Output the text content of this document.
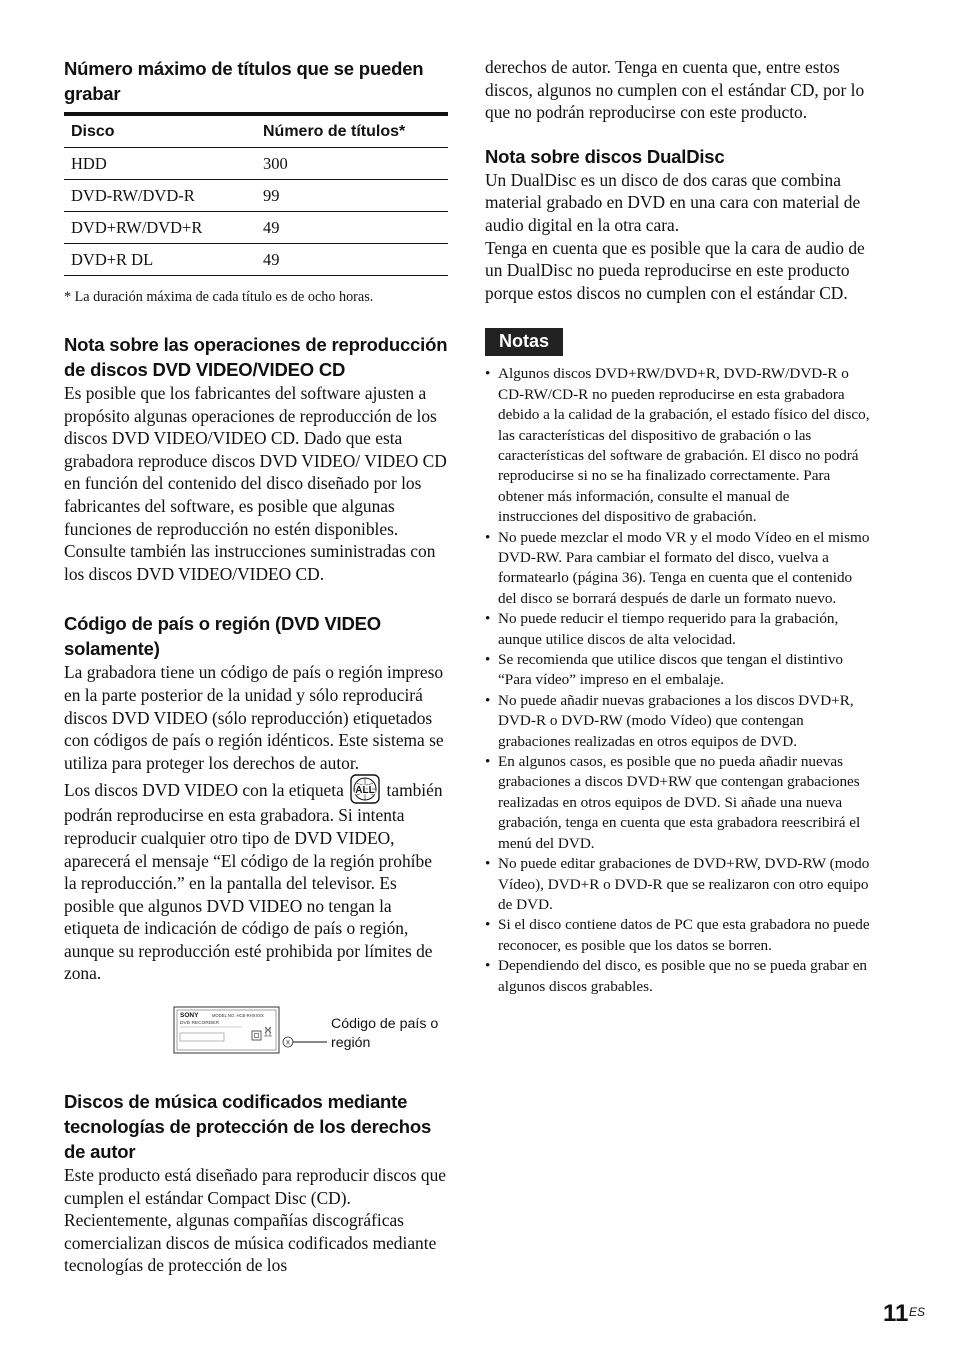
Número máximo de títulos que se pueden grabar
Disco	Número de títulos*
HDD	300
DVD-RW/DVD-R	99
DVD+RW/DVD+R	49
DVD+R DL	49

* La duración máxima de cada título es de ocho horas.

Nota sobre las operaciones de reproducción de discos DVD VIDEO/VIDEO CD

Es posible que los fabricantes del software ajusten a propósito algunas operaciones de reproducción de los discos DVD VIDEO/VIDEO CD. Dado que esta grabadora reproduce discos DVD VIDEO/ VIDEO CD en función del contenido del disco diseñado por los fabricantes del software, es posible que algunas funciones de reproducción no estén disponibles. Consulte también las instrucciones suministradas con los discos DVD VIDEO/VIDEO CD.

Código de país o región (DVD VIDEO solamente)

La grabadora tiene un código de país o región impreso en la parte posterior de la unidad y sólo reproducirá discos DVD VIDEO (sólo reproducción) etiquetados con códigos de país o región idénticos. Este sistema se utiliza para proteger los derechos de autor.

Los discos DVD VIDEO con la etiqueta ALL también podrán reproducirse en esta grabadora. Si intenta reproducir cualquier otro tipo de DVD VIDEO, aparecerá el mensaje “El código de la región prohíbe la reproducción.” en la pantalla del televisor. Es posible que algunos DVD VIDEO no tengan la etiqueta de indicación de código de país o región, aunque su reproducción esté prohibida por límites de zona.

SONY	MODEL NO. HCB-RHXXXX
DVD RECORDER
X
Código de país o
región
Discos de música codificados mediante tecnologías de protección de los derechos de autor

Este producto está diseñado para reproducir discos que cumplen el estándar Compact Disc (CD). Recientemente, algunas compañías discográficas comercializan discos de música codificados mediante tecnologías de protección de los

derechos de autor. Tenga en cuenta que, entre estos discos, algunos no cumplen con el estándar CD, por lo que no podrán reproducirse con este producto.

Nota sobre discos DualDisc

Un DualDisc es un disco de dos caras que combina material grabado en DVD en una cara con material de audio digital en la otra cara.

Tenga en cuenta que es posible que la cara de audio de un DualDisc no pueda reproducirse en este producto porque estos discos no cumplen con el estándar CD.

Notas
• Algunos discos DVD+RW/DVD+R, DVD-RW/DVD-R o CD-RW/CD-R no pueden reproducirse en esta grabadora debido a la calidad de la grabación, el estado físico del disco, las características del dispositivo de grabación o las características del software de grabación. El disco no podrá reproducirse si no se ha finalizado correctamente. Para obtener más información, consulte el manual de instrucciones del dispositivo de grabación.
• No puede mezclar el modo VR y el modo Vídeo en el mismo DVD-RW. Para cambiar el formato del disco, vuelva a formatearlo (página 36). Tenga en cuenta que el contenido del disco se borrará después de darle un formato nuevo.
• No puede reducir el tiempo requerido para la grabación, aunque utilice discos de alta velocidad.
• Se recomienda que utilice discos que tengan el distintivo “Para vídeo” impreso en el embalaje.
• No puede añadir nuevas grabaciones a los discos DVD+R, DVD-R o DVD-RW (modo Vídeo) que contengan grabaciones realizadas en otros equipos de DVD.
• En algunos casos, es posible que no pueda añadir nuevas grabaciones a discos DVD+RW que contengan grabaciones realizadas en otros equipos de DVD. Si añade una nueva grabación, tenga en cuenta que esta grabadora reescribirá el menú del DVD.
• No puede editar grabaciones de DVD+RW, DVD-RW (modo Vídeo), DVD+R o DVD-R que se realizaron con otro equipo de DVD.
• Si el disco contiene datos de PC que esta grabadora no puede reconocer, es posible que los datos se borren.
• Dependiendo del disco, es posible que no se pueda grabar en algunos discos grabables.
11 ES
